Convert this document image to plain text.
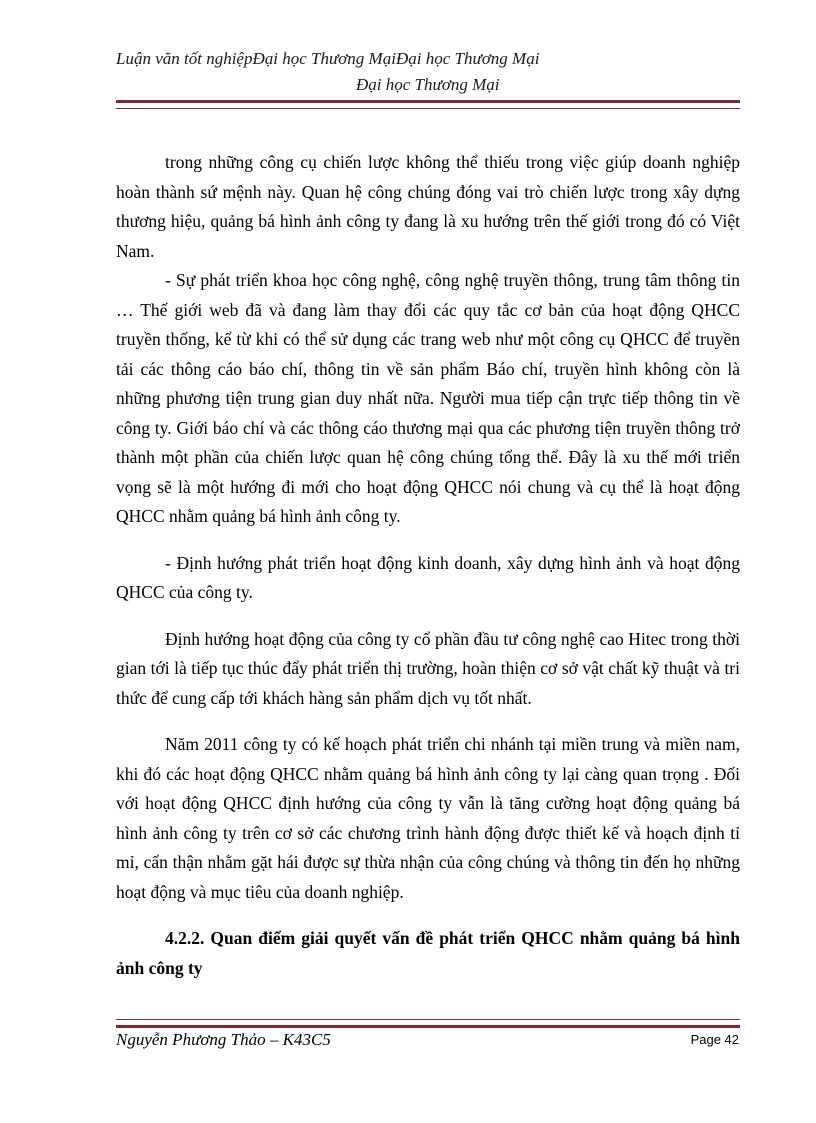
Luận văn tốt nghiệpĐại học Thương MạiĐại học Thương Mại
Đại học Thương Mại

trong những công cụ chiến lược không thể thiếu trong việc giúp doanh nghiệp hoàn thành sứ mệnh này. Quan hệ công chúng đóng vai trò chiến lược trong xây dựng thương hiệu, quảng bá hình ảnh công ty đang là xu hướng trên thế giới trong đó có Việt Nam.

- Sự phát triển khoa học công nghệ, công nghệ truyền thông, trung tâm thông tin … Thế giới web đã và đang làm thay đổi các quy tắc cơ bản của hoạt động QHCC truyền thống, kể từ khi có thể sử dụng các trang web như một công cụ QHCC để truyền tải các thông cáo báo chí, thông tin về sản phẩm Báo chí, truyền hình không còn là những phương tiện trung gian duy nhất nữa. Người mua tiếp cận trực tiếp thông tin về công ty. Giới báo chí và các thông cáo thương mại qua các phương tiện truyền thông trở thành một phần của chiến lược quan hệ công chúng tổng thể. Đây là xu thế mới triển vọng sẽ là một hướng đi mới cho hoạt động QHCC nói chung và cụ thể là hoạt động QHCC nhằm quảng bá hình ảnh công ty.

- Định hướng phát triển hoạt động kinh doanh, xây dựng hình ảnh và hoạt động QHCC của công ty.

Định hướng hoạt động của công ty cổ phần đầu tư công nghệ cao Hitec trong thời gian tới là tiếp tục thúc đẩy phát triển thị trường, hoàn thiện cơ sở vật chất kỹ thuật và tri thức để cung cấp tới khách hàng sản phẩm dịch vụ tốt nhất.

Năm 2011 công ty có kế hoạch phát triển chi nhánh tại miền trung và miền nam, khi đó các hoạt động QHCC nhằm quảng bá hình ảnh công ty lại càng quan trọng . Đối với hoạt động QHCC định hướng của công ty vẫn là tăng cường hoạt động quảng bá hình ảnh công ty trên cơ sở các chương trình hành động được thiết kế và hoạch định tỉ mỉ, cẩn thận nhằm gặt hái được sự thừa nhận của công chúng và thông tin đến họ những hoạt động và mục tiêu của doanh nghiệp.

4.2.2. Quan điểm giải quyết vấn đề phát triển QHCC nhằm quảng bá hình ảnh công ty

Nguyễn Phương Thảo – K43C5	Page 42
